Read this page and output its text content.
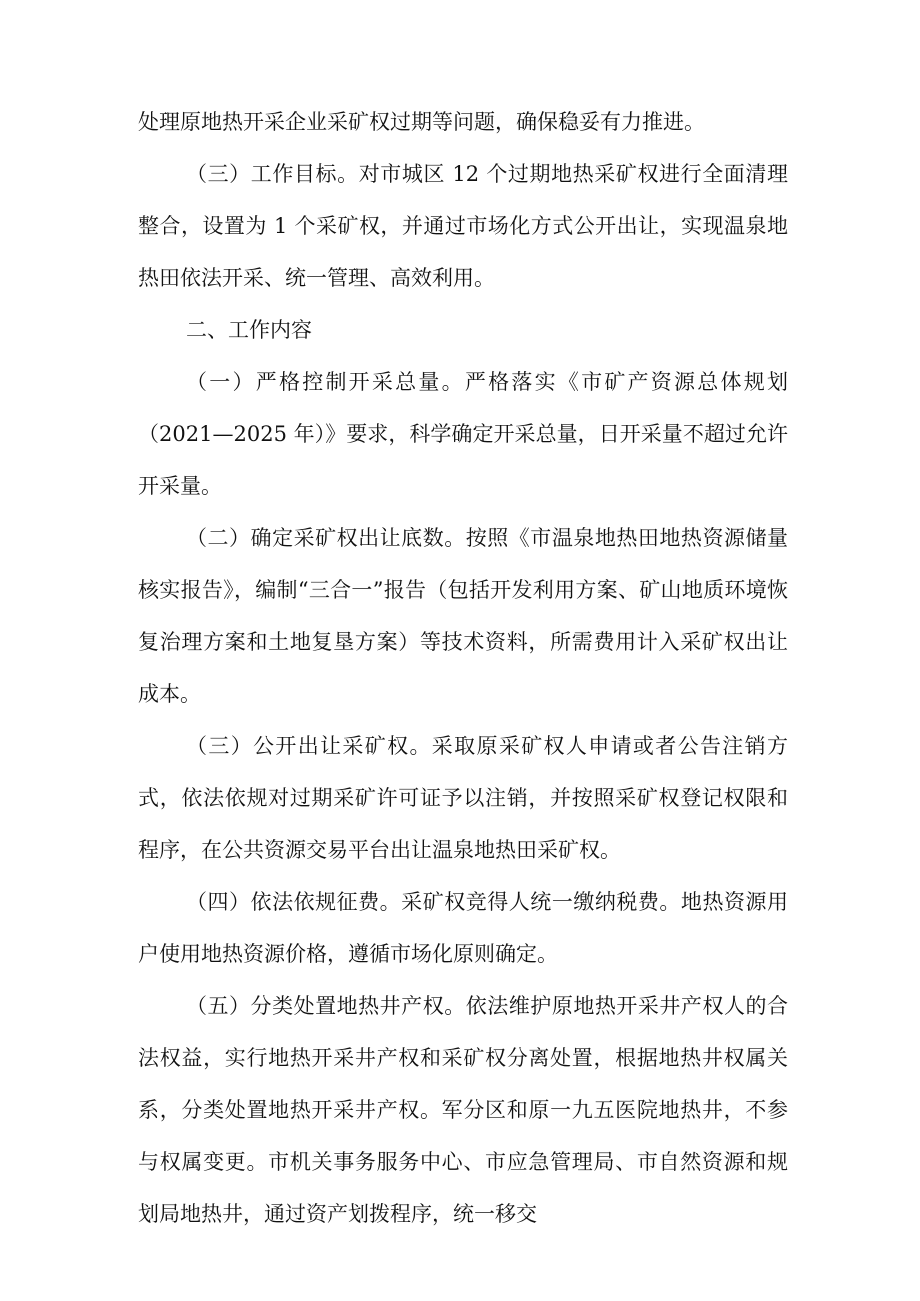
处理原地热开采企业采矿权过期等问题，确保稳妥有力推进。

（三）工作目标。对市城区 12 个过期地热采矿权进行全面清理整合，设置为 1 个采矿权，并通过市场化方式公开出让，实现温泉地热田依法开采、统一管理、高效利用。

二、工作内容

（一）严格控制开采总量。严格落实《市矿产资源总体规划（2021—2025 年）》要求，科学确定开采总量，日开采量不超过允许开采量。

（二）确定采矿权出让底数。按照《市温泉地热田地热资源储量核实报告》，编制“三合一”报告（包括开发利用方案、矿山地质环境恢复治理方案和土地复垦方案）等技术资料，所需费用计入采矿权出让成本。

（三）公开出让采矿权。采取原采矿权人申请或者公告注销方式，依法依规对过期采矿许可证予以注销，并按照采矿权登记权限和程序，在公共资源交易平台出让温泉地热田采矿权。

（四）依法依规征费。采矿权竞得人统一缴纳税费。地热资源用户使用地热资源价格，遵循市场化原则确定。

（五）分类处置地热井产权。依法维护原地热开采井产权人的合法权益，实行地热开采井产权和采矿权分离处置，根据地热井权属关系，分类处置地热开采井产权。军分区和原一九五医院地热井，不参与权属变更。市机关事务服务中心、市应急管理局、市自然资源和规划局地热井，通过资产划拨程序，统一移交
